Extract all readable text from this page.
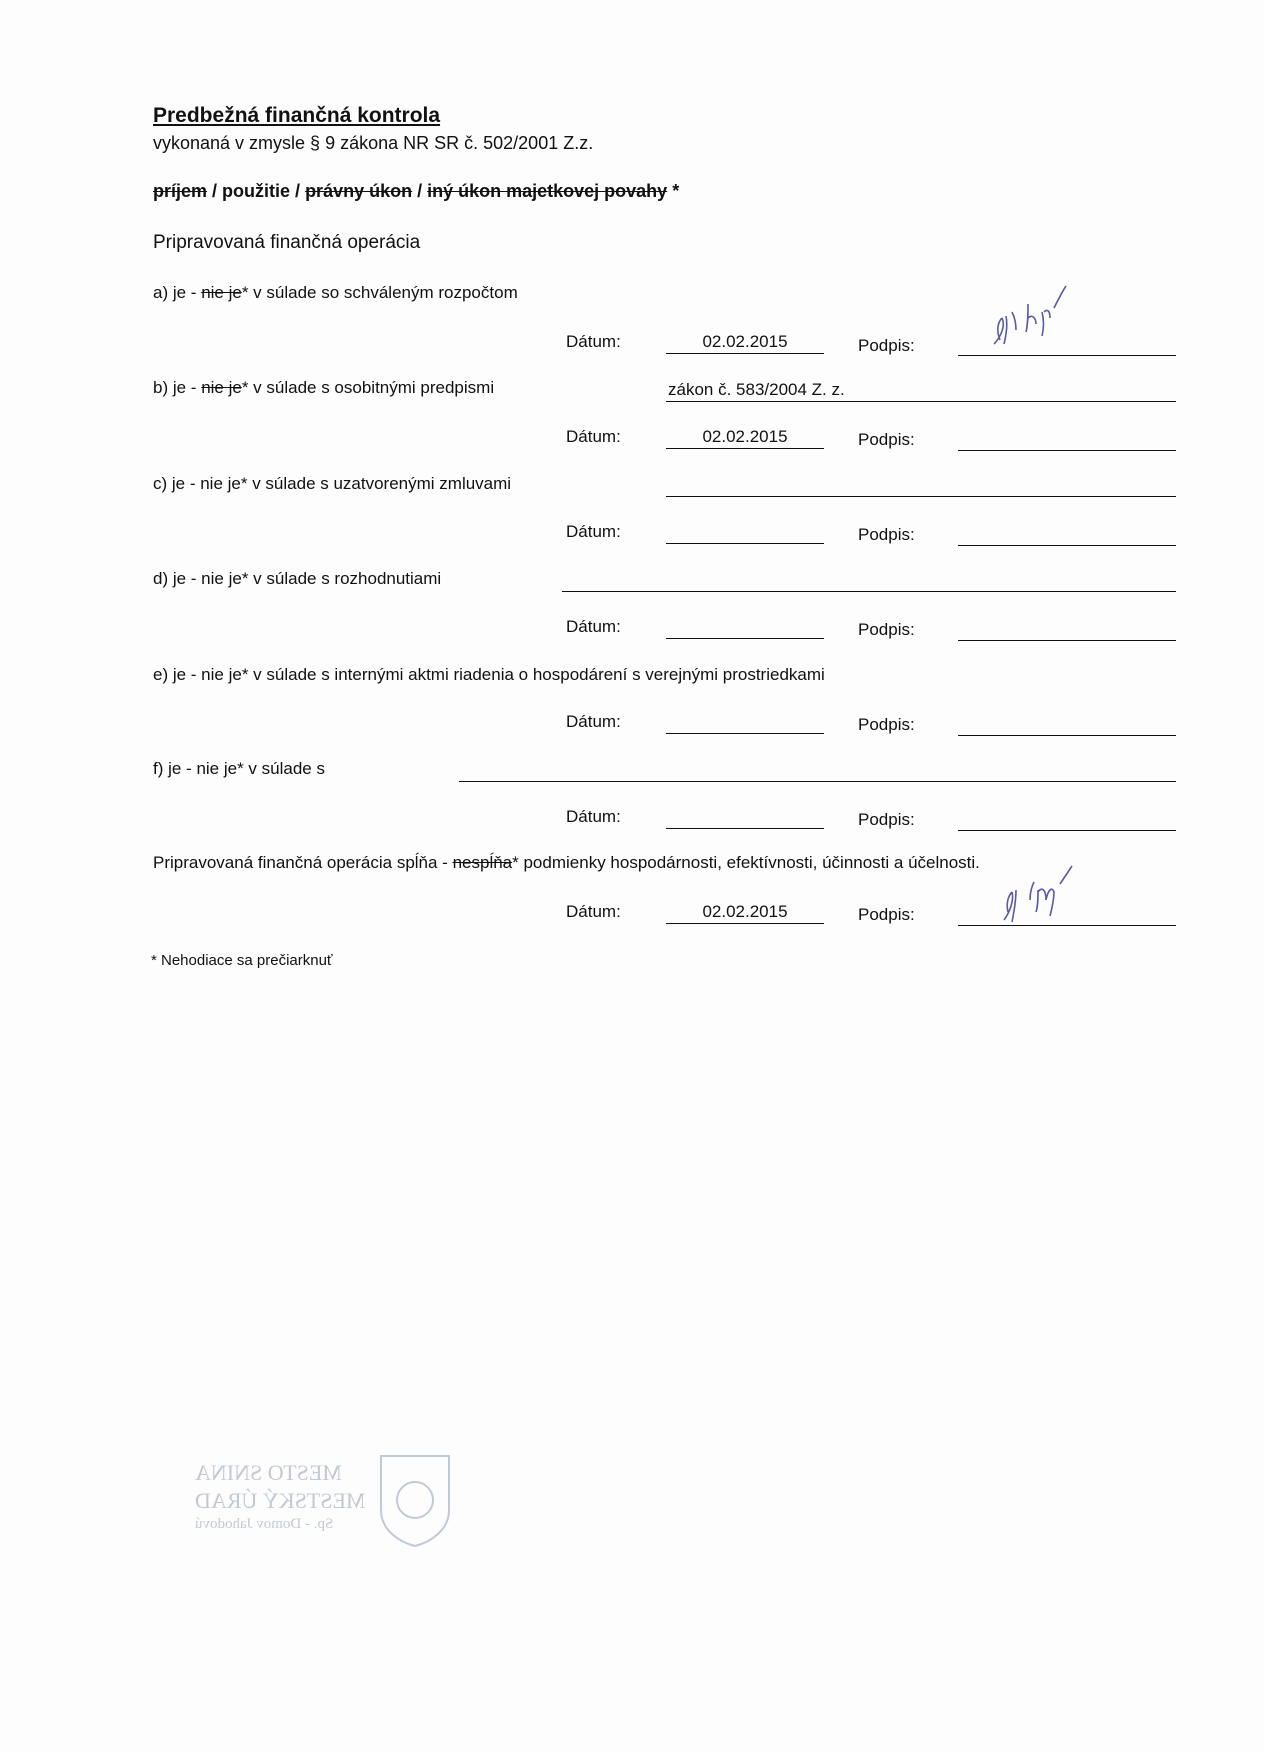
Predbežná finančná kontrola
vykonaná v zmysle § 9 zákona NR SR č. 502/2001 Z.z.
príjem / použitie / právny úkon / iný úkon majetkovej povahy *
Pripravovaná finančná operácia
a) je - nie je* v súlade so schváleným rozpočtom
Dátum:	02.02.2015	Podpis:
b) je - nie je* v súlade s osobitnými predpismi	zákon č. 583/2004 Z. z.
Dátum:	02.02.2015	Podpis:
c) je - nie je* v súlade s uzatvorenými zmluvami
Dátum:	Podpis:
d) je - nie je* v súlade s rozhodnutiami
Dátum:	Podpis:
e) je - nie je* v súlade s internými aktmi riadenia o hospodárení s verejnými prostriedkami
Dátum:	Podpis:
f) je - nie je* v súlade s
Dátum:	Podpis:
Pripravovaná finančná operácia spĺňa - nespĺňa* podmienky hospodárnosti, efektívnosti, účinnosti a účelnosti.
Dátum:	02.02.2015	Podpis:
* Nehodiace sa prečiarknuť
MESTO SNINA
MESTSKÝ ÚRAD
Sp. - Domov Jahodovú
